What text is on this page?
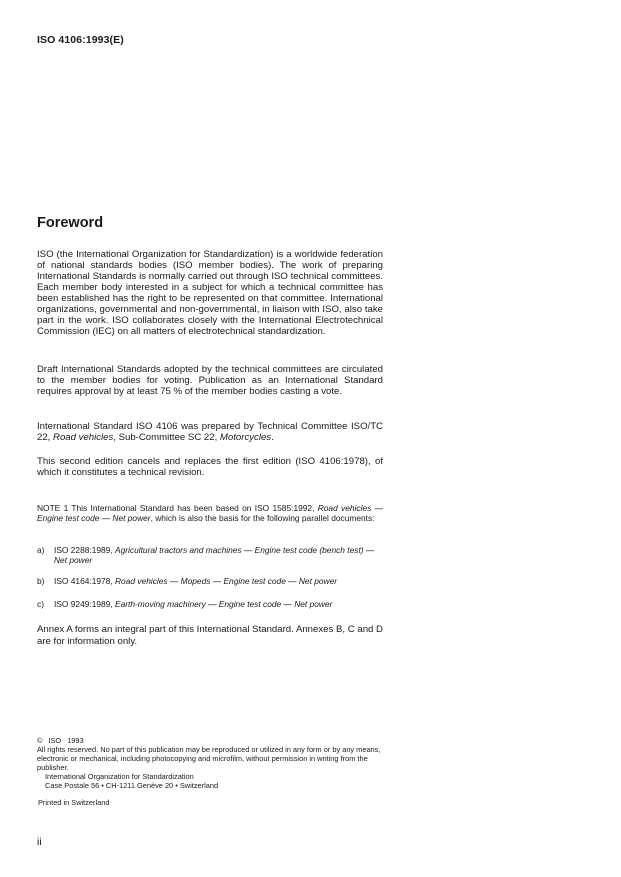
ISO 4106:1993(E)
Foreword
ISO (the International Organization for Standardization) is a worldwide federation of national standards bodies (ISO member bodies). The work of preparing International Standards is normally carried out through ISO technical committees. Each member body interested in a subject for which a technical committee has been established has the right to be represented on that committee. International organizations, governmental and non-governmental, in liaison with ISO, also take part in the work. ISO collaborates closely with the International Electrotechnical Commission (IEC) on all matters of electrotechnical standardization.
Draft International Standards adopted by the technical committees are circulated to the member bodies for voting. Publication as an International Standard requires approval by at least 75 % of the member bodies casting a vote.
International Standard ISO 4106 was prepared by Technical Committee ISO/TC 22, Road vehicles, Sub-Committee SC 22, Motorcycles.
This second edition cancels and replaces the first edition (ISO 4106:1978), of which it constitutes a technical revision.
NOTE 1 This International Standard has been based on ISO 1585:1992, Road vehicles — Engine test code — Net power, which is also the basis for the following parallel documents:
a)	ISO 2288:1989, Agricultural tractors and machines — Engine test code (bench test) — Net power
b)	ISO 4164:1978, Road vehicles — Mopeds — Engine test code — Net power
c)	ISO 9249:1989, Earth-moving machinery — Engine test code — Net power
Annex A forms an integral part of this International Standard. Annexes B, C and D are for information only.
© ISO 1993
All rights reserved. No part of this publication may be reproduced or utilized in any form or by any means, electronic or mechanical, including photocopying and microfilm, without permission in writing from the publisher.
International Organization for Standardization
Case Postale 56 • CH-1211 Genève 20 • Switzerland
Printed in Switzerland
ii
